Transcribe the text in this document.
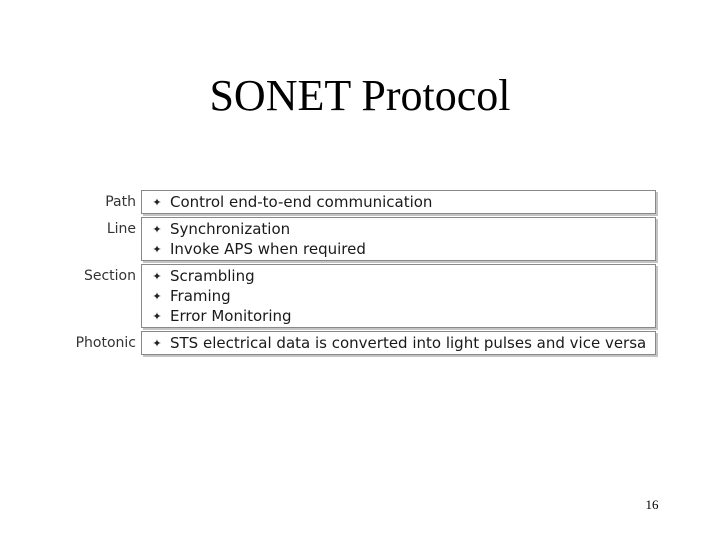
SONET Protocol
Path	✦ Control end-to-end communication
Line	✦ Synchronization
✦ Invoke APS when required
Section	✦ Scrambling
✦ Framing
✦ Error Monitoring
Photonic	✦ STS electrical data is converted into light pulses and vice versa
16
